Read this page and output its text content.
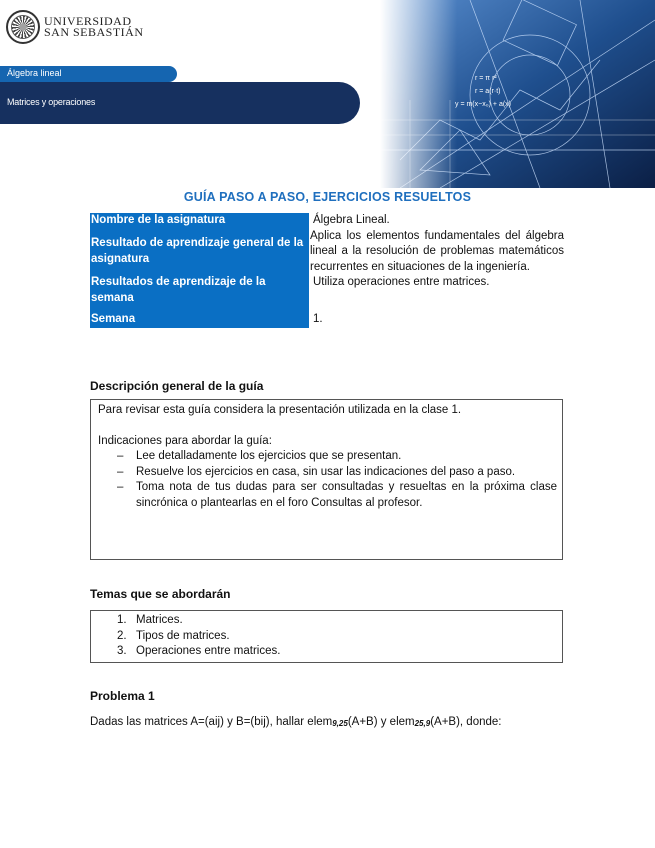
UNIVERSIDAD
SAN SEBASTIÁN
Álgebra lineal
Matrices y operaciones
GUÍA PASO A PASO, EJERCICIOS RESUELTOS
Nombre de la asignatura	Álgebra Lineal.
Resultado de aprendizaje general de la asignatura
Aplica los elementos fundamentales del álgebra lineal a la resolución de problemas matemáticos recurrentes en situaciones de la ingeniería.
Resultados de aprendizaje de la semana
Utiliza operaciones entre matrices.
Semana	1.
Descripción general de la guía

Para revisar esta guía considera la presentación utilizada en la clase 1.

Indicaciones para abordar la guía:

– Lee detalladamente los ejercicios que se presentan.
– Resuelve los ejercicios en casa, sin usar las indicaciones del paso a paso.
– Toma nota de tus dudas para ser consultadas y resueltas en la próxima clase sincrónica o plantearlas en el foro Consultas al profesor.
Temas que se abordarán
1. Matrices.
2. Tipos de matrices.
3. Operaciones entre matrices.
Problema 1
Dadas las matrices A=(aij) y B=(bij), hallar elem$_{9,25}$(A+B) y elem$_{25,9}$(A+B), donde:
